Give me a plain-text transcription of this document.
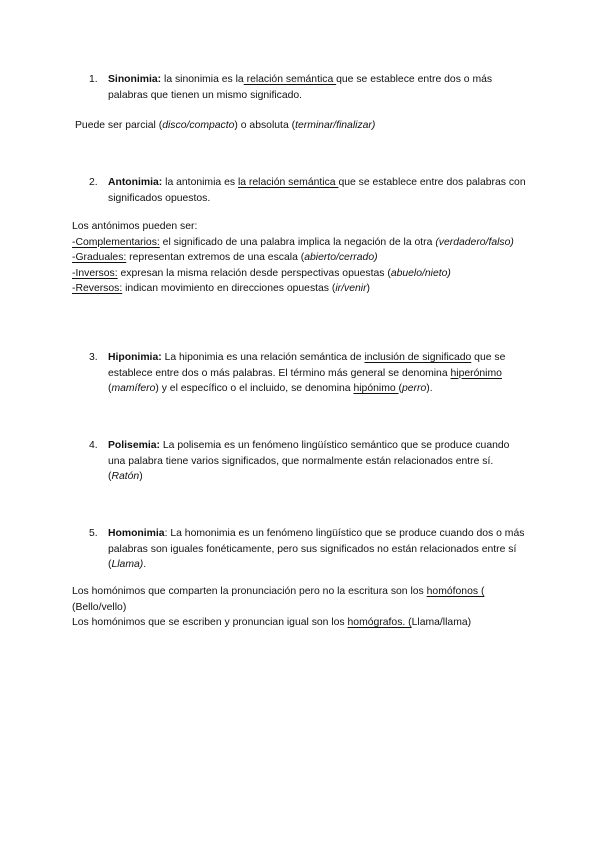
1. Sinonimia: la sinonimia es la relación semántica que se establece entre dos o más palabras que tienen un mismo significado.

Puede ser parcial (disco/compacto) o absoluta (terminar/finalizar)

2. Antonimia: la antonimia es la relación semántica que se establece entre dos palabras con significados opuestos.

Los antónimos pueden ser:

-Complementarios: el significado de una palabra implica la negación de la otra (verdadero/falso)

-Graduales: representan extremos de una escala (abierto/cerrado)

-Inversos: expresan la misma relación desde perspectivas opuestas (abuelo/nieto)

-Reversos: indican movimiento en direcciones opuestas (ir/venir)

3. Hiponimia: La hiponimia es una relación semántica de inclusión de significado que se establece entre dos o más palabras. El término más general se denomina hiperónimo (mamífero) y el específico o el incluido, se denomina hipónimo (perro).

4. Polisemia: La polisemia es un fenómeno lingüístico semántico que se produce cuando una palabra tiene varios significados, que normalmente están relacionados entre sí. (Ratón)

5. Homonimia: La homonimia es un fenómeno lingüístico que se produce cuando dos o más palabras son iguales fonéticamente, pero sus significados no están relacionados entre sí (Llama).

Los homónimos que comparten la pronunciación pero no la escritura son los homófonos ( (Bello/vello)

Los homónimos que se escriben y pronuncian igual son los homógrafos. (Llama/llama)
